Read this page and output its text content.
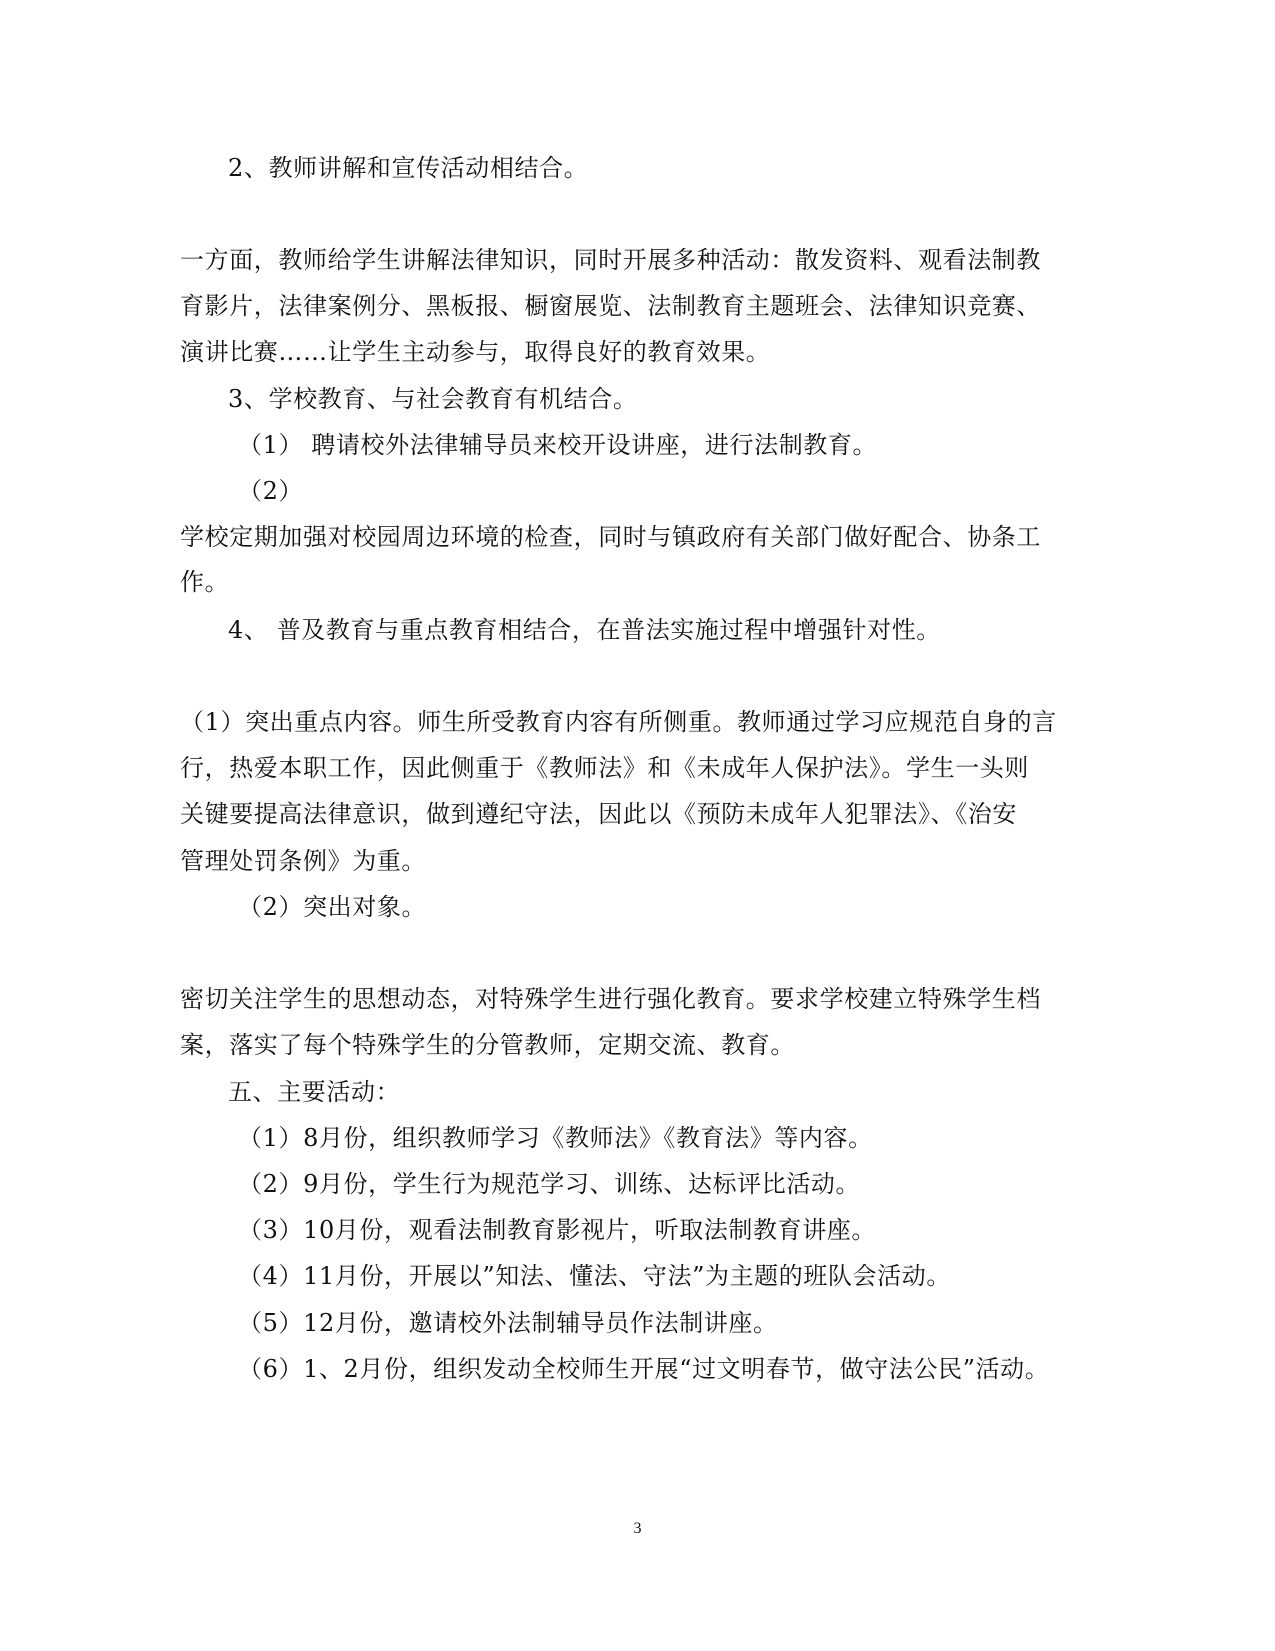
2、教师讲解和宣传活动相结合。
一方面，教师给学生讲解法律知识，同时开展多种活动：散发资料、观看法制教
育影片，法律案例分、黑板报、橱窗展览、法制教育主题班会、法律知识竞赛、
演讲比赛……让学生主动参与，取得良好的教育效果。
3、学校教育、与社会教育有机结合。
（1） 聘请校外法律辅导员来校开设讲座，进行法制教育。
（2）
学校定期加强对校园周边环境的检查，同时与镇政府有关部门做好配合、协条工
作。
4、 普及教育与重点教育相结合，在普法实施过程中增强针对性。
（1）突出重点内容。师生所受教育内容有所侧重。教师通过学习应规范自身的言
行，热爱本职工作，因此侧重于《教师法》和《未成年人保护法》。学生一头则
关键要提高法律意识，做到遵纪守法，因此以《预防未成年人犯罪法》、《治安
管理处罚条例》为重。
（2）突出对象。
密切关注学生的思想动态，对特殊学生进行强化教育。要求学校建立特殊学生档
案，落实了每个特殊学生的分管教师，定期交流、教育。
五、主要活动：
（1）8月份，组织教师学习《教师法》《教育法》等内容。
（2）9月份，学生行为规范学习、训练、达标评比活动。
（3）10月份，观看法制教育影视片，听取法制教育讲座。
（4）11月份，开展以”知法、懂法、守法”为主题的班队会活动。
（5）12月份，邀请校外法制辅导员作法制讲座。
（6）1、2月份，组织发动全校师生开展“过文明春节，做守法公民”活动。
3
